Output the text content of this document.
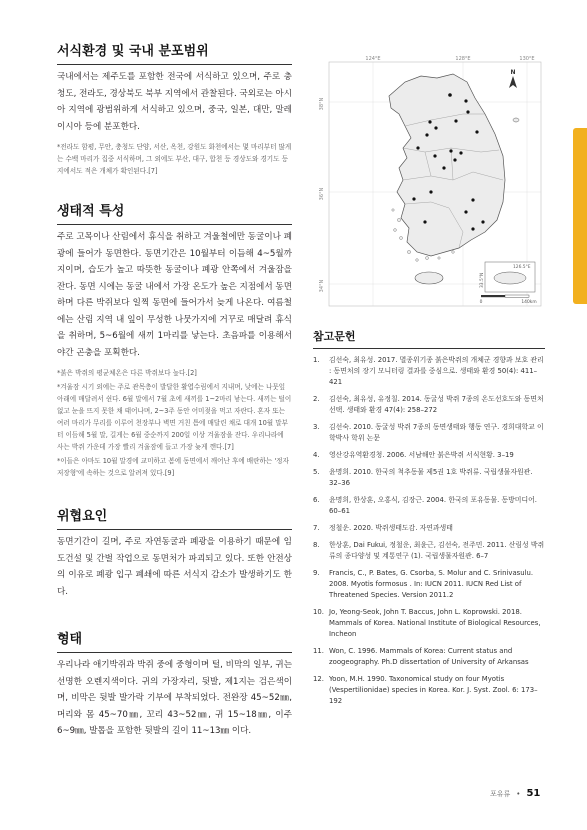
서식환경 및 국내 분포범위

국내에서는 제주도를 포함한 전국에 서식하고 있으며, 주로 충청도, 전라도, 경상북도 북부 지역에서 관찰된다. 국외로는 아시아 지역에 광범위하게 서식하고 있으며, 중국, 일본, 대만, 말레이시아 등에 분포한다.

*전라도 함평, 무안, 충청도 단양, 서산, 옥천, 강원도 화천에서는 몇 마리부터 많게는 수백 마리가 집중 서식하며, 그 외에도 부산, 대구, 합천 등 경상도와 경기도 등지에서도 적은 개체가 확인된다.[7]

생태적 특성

주로 고목이나 산림에서 휴식을 취하고 겨울철에만 동굴이나 폐광에 들어가 동면한다. 동면기간은 10월부터 이듬해 4~5월까지이며, 습도가 높고 따뜻한 동굴이나 폐광 안쪽에서 겨울잠을 잔다. 동면 시에는 동굴 내에서 가장 온도가 높은 지점에서 동면하며 다른 박쥐보다 일찍 동면에 들어가서 늦게 나온다. 여름철에는 산림 지역 내 잎이 무성한 나뭇가지에 거꾸로 매달려 휴식을 취하며, 5~6월에 새끼 1마리를 낳는다. 초음파를 이용해서 야간 곤충을 포획한다.

*붉은 박쥐의 평균체온은 다른 박쥐보다 높다.[2]

*겨울잠 시기 외에는 주로 관목층이 발달한 활엽수림에서 지내며, 낮에는 나뭇잎 아래에 매달려서 쉰다. 6월 말에서 7월 초에 새끼를 1~2마리 낳는다. 새끼는 털이 없고 눈을 뜨지 못한 채 태어나며, 2~3주 동안 어미젖을 먹고 자란다. 혼자 또는 여러 마리가 무리를 이루어 천장부나 벽면 거친 틈에 매달린 채로 대개 10월 말부터 이듬해 5월 말, 길게는 6월 중순까지 200일 이상 겨울잠을 잔다. 우리나라에 사는 박쥐 가운데 가장 빨리 겨울잠에 들고 가장 늦게 깬다.[7]

*이들은 아마도 10월 말경에 교미하고 봄에 동면에서 깨어난 후에 배란하는 '정자 저장형'에 속하는 것으로 알려져 있다.[9]

위협요인

동면기간이 길며, 주로 자연동굴과 폐광을 이용하기 때문에 임도건설 및 간벌 작업으로 동면처가 파괴되고 있다. 또한 안전상의 이유로 폐광 입구 폐쇄에 따른 서식지 감소가 발생하기도 한다.

형태

우리나라 애기박쥐과 박쥐 중에 중형이며 털, 비막의 일부, 귀는 선명한 오렌지색이다. 귀의 가장자리, 뒷발, 제1지는 검은색이며, 비막은 뒷발 발가락 기부에 부착되었다. 전완장 45~52㎜, 머리와 몸 45~70㎜, 꼬리 43~52㎜, 귀 15~18㎜, 이주 6~9㎜, 발톱을 포함한 뒷발의 길이 11~13㎜ 이다.

124°E	128°E	130°E
38°N
36°N
34°N
N
126.5°E
33.5°N
0	140km
참고문헌
1.	김선숙, 최유성. 2017. 멸종위기종 붉은박쥐의 개체군 경향과 보호 관리 : 동면처의 장기 모니터링 결과를 중심으로. 생태와 환경 50(4): 411–421
2.	김선숙, 최유성, 유정칠. 2014. 동굴성 박쥐 7종의 온도선호도와 동면처 선택. 생태와 환경 47(4): 258–272
3.	김선숙. 2010. 동굴성 박쥐 7종의 동면생태와 행동 연구. 경희대학교 이학박사 학위 논문
4.	영산강유역환경청. 2006. 서남해안 붉은박쥐 서식현황. 3–19
5.	윤명희. 2010. 한국의 척추동물 제5권 1호 박쥐류. 국립생물자원관. 32–36
6.	윤명희, 한상훈, 오홍식, 김장근. 2004. 한국의 포유동물. 동방미디어. 60–61
7.	정철운. 2020. 박쥐생태도감. 자연과생태
8.	한상훈, Dai Fukui, 정철운, 최윤근, 김선숙, 전주민. 2011. 산림성 박쥐류의 종다양성 및 계통연구 (1). 국립생물자원관. 6–7
9.	Francis, C., P. Bates, G. Csorba, S. Molur and C. Srinivasulu. 2008. Myotis formosus . In: IUCN 2011. IUCN Red List of Threatened Species. Version 2011.2
10. Jo, Yeong-Seok, John T. Baccus, John L. Koprowski. 2018. Mammals of Korea. National Institute of Biological Resources, Incheon
11. Won, C. 1996. Mammals of Korea: Current status and zoogeography. Ph.D dissertation of University of Arkansas
12. Yoon, M.H. 1990. Taxonomical study on four Myotis (Vespertilionidae) species in Korea. Kor. J. Syst. Zool. 6: 173–192
포유류 • 51
